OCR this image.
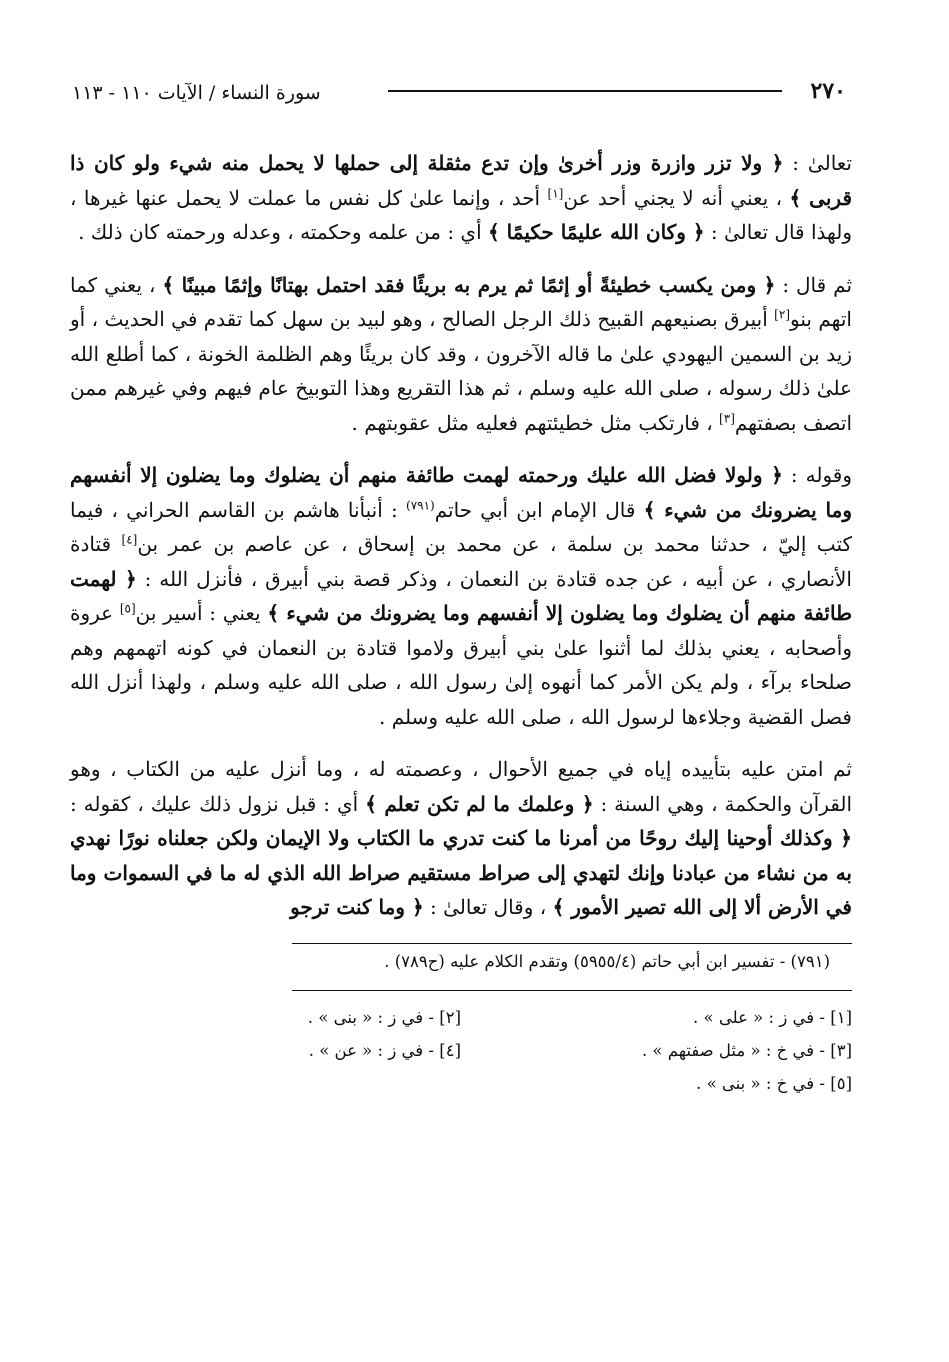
٢٧٠
سورة النساء / الآيات ١١٠ - ١١٣

تعالىٰ : ﴿ ولا تزر وازرة وزر أخرىٰ وإن تدع مثقلة إلى حملها لا يحمل منه شيء ولو كان ذا قربى ﴾ ، يعني أنه لا يجني أحد عن[١] أحد ، وإنما علىٰ كل نفس ما عملت لا يحمل عنها غيرها ، ولهذا قال تعالىٰ : ﴿ وكان الله عليمًا حكيمًا ﴾ أي : من علمه وحكمته ، وعدله ورحمته كان ذلك .

ثم قال : ﴿ ومن يكسب خطيئةً أو إثمًا ثم يرم به بريئًا فقد احتمل بهتانًا وإثمًا مبينًا ﴾ ، يعني كما اتهم بنو[٢] أبيرق بصنيعهم القبيح ذلك الرجل الصالح ، وهو لبيد بن سهل كما تقدم في الحديث ، أو زيد بن السمين اليهودي علىٰ ما قاله الآخرون ، وقد كان بريئًا وهم الظلمة الخونة ، كما أطلع الله علىٰ ذلك رسوله ، صلى الله عليه وسلم ، ثم هذا التقريع وهذا التوبيخ عام فيهم وفي غيرهم ممن اتصف بصفتهم[٣] ، فارتكب مثل خطيئتهم فعليه مثل عقوبتهم .

وقوله : ﴿ ولولا فضل الله عليك ورحمته لهمت طائفة منهم أن يضلوك وما يضلون إلا أنفسهم وما يضرونك من شيء ﴾ قال الإمام ابن أبي حاتم$^{(٧٩١)}$ : أنبأنا هاشم بن القاسم الحراني ، فيما كتب إليّ ، حدثنا محمد بن سلمة ، عن محمد بن إسحاق ، عن عاصم بن عمر بن[٤] قتادة الأنصاري ، عن أبيه ، عن جده قتادة بن النعمان ، وذكر قصة بني أبيرق ، فأنزل الله : ﴿ لهمت طائفة منهم أن يضلوك وما يضلون إلا أنفسهم وما يضرونك من شيء ﴾ يعني : أسير بن[٥] عروة وأصحابه ، يعني بذلك لما أثنوا علىٰ بني أبيرق ولاموا قتادة بن النعمان في كونه اتهمهم وهم صلحاء برآء ، ولم يكن الأمر كما أنهوه إلىٰ رسول الله ، صلى الله عليه وسلم ، ولهذا أنزل الله فصل القضية وجلاءها لرسول الله ، صلى الله عليه وسلم .

ثم امتن عليه بتأييده إياه في جميع الأحوال ، وعصمته له ، وما أنزل عليه من الكتاب ، وهو القرآن والحكمة ، وهي السنة : ﴿ وعلمك ما لم تكن تعلم ﴾ أي : قبل نزول ذلك عليك ، كقوله : ﴿ وكذلك أوحينا إليك روحًا من أمرنا ما كنت تدري ما الكتاب ولا الإيمان ولكن جعلناه نورًا نهدي به من نشاء من عبادنا وإنك لتهدي إلى صراط مستقيم صراط الله الذي له ما في السموات وما في الأرض ألا إلى الله تصير الأمور ﴾ ، وقال تعالىٰ : ﴿ وما كنت ترجو

(٧٩١) - تفسير ابن أبي حاتم (٥٩٥٥/٤) وتقدم الكلام عليه (ح٧٨٩) .
[١] - في ز : « على » .
[٢] - في ز : « بنى » .
[٣] - في خ : « مثل صفتهم » .
[٤] - في ز : « عن » .
[٥] - في خ : « بنى » .
